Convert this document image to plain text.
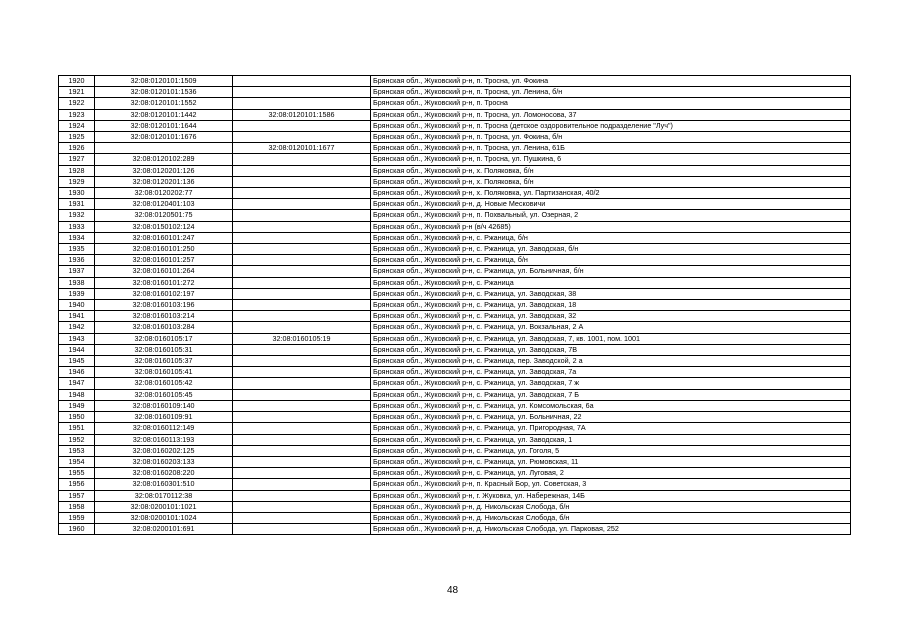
1920	32:08:0120101:1509		Брянская обл., Жуковский р-н, п. Тросна, ул. Фокина
1921	32:08:0120101:1536		Брянская обл., Жуковский р-н, п. Тросна, ул. Ленина, б/н
1922	32:08:0120101:1552		Брянская обл., Жуковский р-н, п. Тросна
1923	32:08:0120101:1442	32:08:0120101:1586	Брянская обл., Жуковский р-н, п. Тросна, ул. Ломоносова, 37
1924	32:08:0120101:1644		Брянская обл., Жуковский р-н, п. Тросна (детское оздоровительное подразделение "Луч")
1925	32:08:0120101:1676		Брянская обл., Жуковский р-н, п. Тросна, ул. Фокина, б/н
1926		32:08:0120101:1677	Брянская обл., Жуковский р-н, п. Тросна, ул. Ленина, 61Б
1927	32:08:0120102:289		Брянская обл., Жуковский р-н, п. Тросна, ул. Пушкина, 6
1928	32:08:0120201:126		Брянская обл., Жуковский р-н, х. Поляковка, б/н
1929	32:08:0120201:136		Брянская обл., Жуковский р-н, х. Поляковка, б/н
1930	32:08:0120202:77		Брянская обл., Жуковский р-н, х. Поляковка, ул. Партизанская, 40/2
1931	32:08:0120401:103		Брянская обл., Жуковский р-н, д. Новые Месковичи
1932	32:08:0120501:75		Брянская обл., Жуковский р-н, п. Похвальный, ул. Озерная, 2
1933	32:08:0150102:124		Брянская обл., Жуковский р-н (в/ч 42685)
1934	32:08:0160101:247		Брянская обл., Жуковский р-н, с. Ржаница, б/н
1935	32:08:0160101:250		Брянская обл., Жуковский р-н, с. Ржаница, ул. Заводская, б/н
1936	32:08:0160101:257		Брянская обл., Жуковский р-н, с. Ржаница, б/н
1937	32:08:0160101:264		Брянская обл., Жуковский р-н, с. Ржаница, ул. Больничная, б/н
1938	32:08:0160101:272		Брянская обл., Жуковский р-н, с. Ржаница
1939	32:08:0160102:197		Брянская обл., Жуковский р-н, с. Ржаница, ул. Заводская, 38
1940	32:08:0160103:196		Брянская обл., Жуковский р-н, с. Ржаница, ул. Заводская, 18
1941	32:08:0160103:214		Брянская обл., Жуковский р-н, с. Ржаница, ул. Заводская, 32
1942	32:08:0160103:284		Брянская обл., Жуковский р-н, с. Ржаница, ул. Вокзальная, 2 А
1943	32:08:0160105:17	32:08:0160105:19	Брянская обл., Жуковский р-н, с. Ржаница, ул. Заводская, 7, кв. 1001, пом. 1001
1944	32:08:0160105:31		Брянская обл., Жуковский р-н, с. Ржаница, ул. Заводская, 7В
1945	32:08:0160105:37		Брянская обл., Жуковский р-н, с. Ржаница, пер. Заводской, 2 а
1946	32:08:0160105:41		Брянская обл., Жуковский р-н, с. Ржаница, ул. Заводская, 7а
1947	32:08:0160105:42		Брянская обл., Жуковский р-н, с. Ржаница, ул. Заводская, 7 ж
1948	32:08:0160105:45		Брянская обл., Жуковский р-н, с. Ржаница, ул. Заводская, 7 Б
1949	32:08:0160109:140		Брянская обл., Жуковский р-н, с. Ржаница, ул. Комсомольская, 6а
1950	32:08:0160109:91		Брянская обл., Жуковский р-н, с. Ржаница, ул. Больничная, 22
1951	32:08:0160112:149		Брянская обл., Жуковский р-н, с. Ржаница, ул. Пригородная, 7А
1952	32:08:0160113:193		Брянская обл., Жуковский р-н, с. Ржаница, ул. Заводская, 1
1953	32:08:0160202:125		Брянская обл., Жуковский р-н, с. Ржаница, ул. Гоголя, 5
1954	32:08:0160203:133		Брянская обл., Жуковский р-н, с. Ржаница, ул. Рюмовская, 11
1955	32:08:0160208:220		Брянская обл., Жуковский р-н, с. Ржаница, ул. Луговая, 2
1956	32:08:0160301:510		Брянская обл., Жуковский р-н, п. Красный Бор, ул. Советская, 3
1957	32:08:0170112:38		Брянская обл., Жуковский р-н, г. Жуковка, ул. Набережная, 14Б
1958	32:08:0200101:1021		Брянская обл., Жуковский р-н, д. Никольская Слобода, б/н
1959	32:08:0200101:1024		Брянская обл., Жуковский р-н, д. Никольская Слобода, б/н
1960	32:08:0200101:691		Брянская обл., Жуковский р-н, д. Никольская Слобода, ул. Парковая, 252
48
